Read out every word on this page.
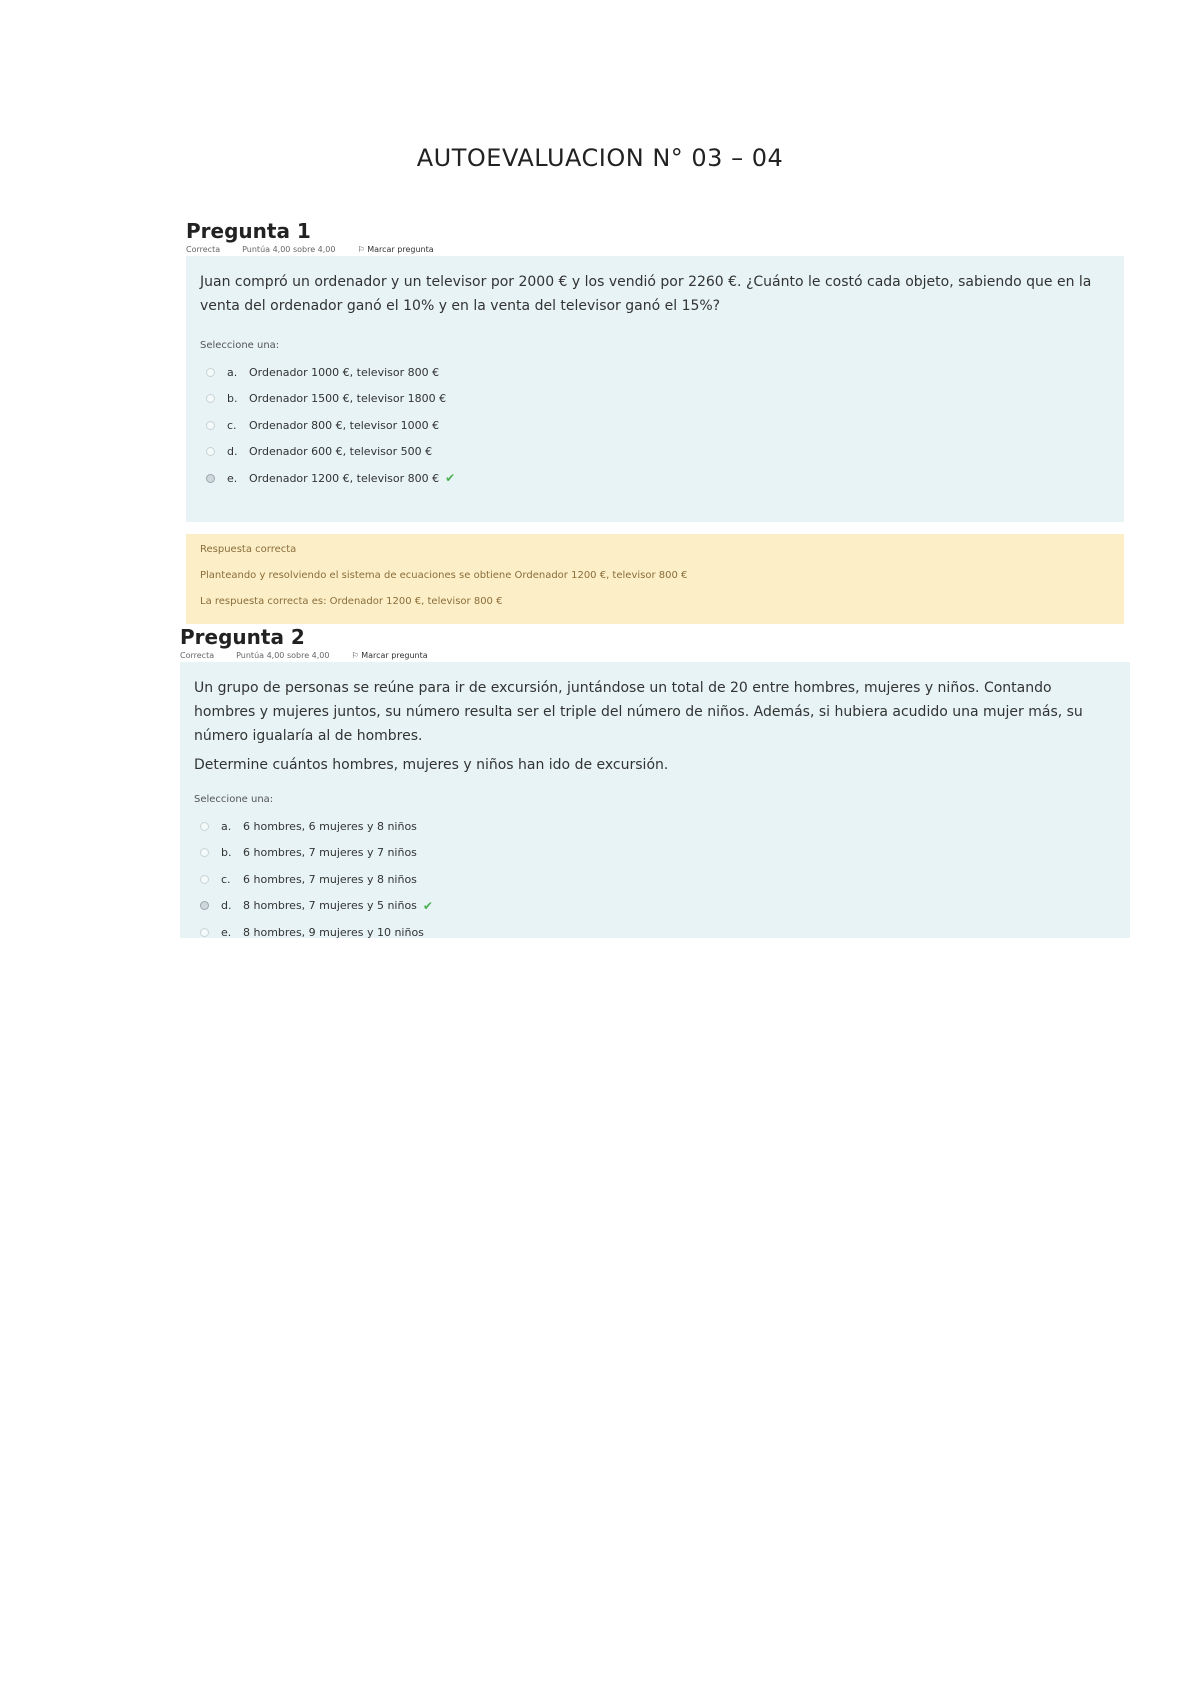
AUTOEVALUACION N° 03 – 04
Pregunta 1
Correcta	Puntúa 4,00 sobre 4,00	⚐ Marcar pregunta

Juan compró un ordenador y un televisor por 2000 € y los vendió por 2260 €. ¿Cuánto le costó cada objeto, sabiendo que en la venta del ordenador ganó el 10% y en la venta del televisor ganó el 15%?

Seleccione una:
a.	Ordenador 1000 €, televisor 800 €
b.	Ordenador 1500 €, televisor 1800 €
c.	Ordenador 800 €, televisor 1000 €
d.	Ordenador 600 €, televisor 500 €
e.	Ordenador 1200 €, televisor 800 € ✔

Respuesta correcta

Planteando y resolviendo el sistema de ecuaciones se obtiene Ordenador 1200 €, televisor 800 €

La respuesta correcta es: Ordenador 1200 €, televisor 800 €

Pregunta 2
Correcta	Puntúa 4,00 sobre 4,00	⚐ Marcar pregunta

Un grupo de personas se reúne para ir de excursión, juntándose un total de 20 entre hombres, mujeres y niños. Contando hombres y mujeres juntos, su número resulta ser el triple del número de niños. Además, si hubiera acudido una mujer más, su número igualaría al de hombres.

Determine cuántos hombres, mujeres y niños han ido de excursión.

Seleccione una:
a.	6 hombres, 6 mujeres y 8 niños
b.	6 hombres, 7 mujeres y 7 niños
c.	6 hombres, 7 mujeres y 8 niños
d.	8 hombres, 7 mujeres y 5 niños ✔
e.	8 hombres, 9 mujeres y 10 niños
